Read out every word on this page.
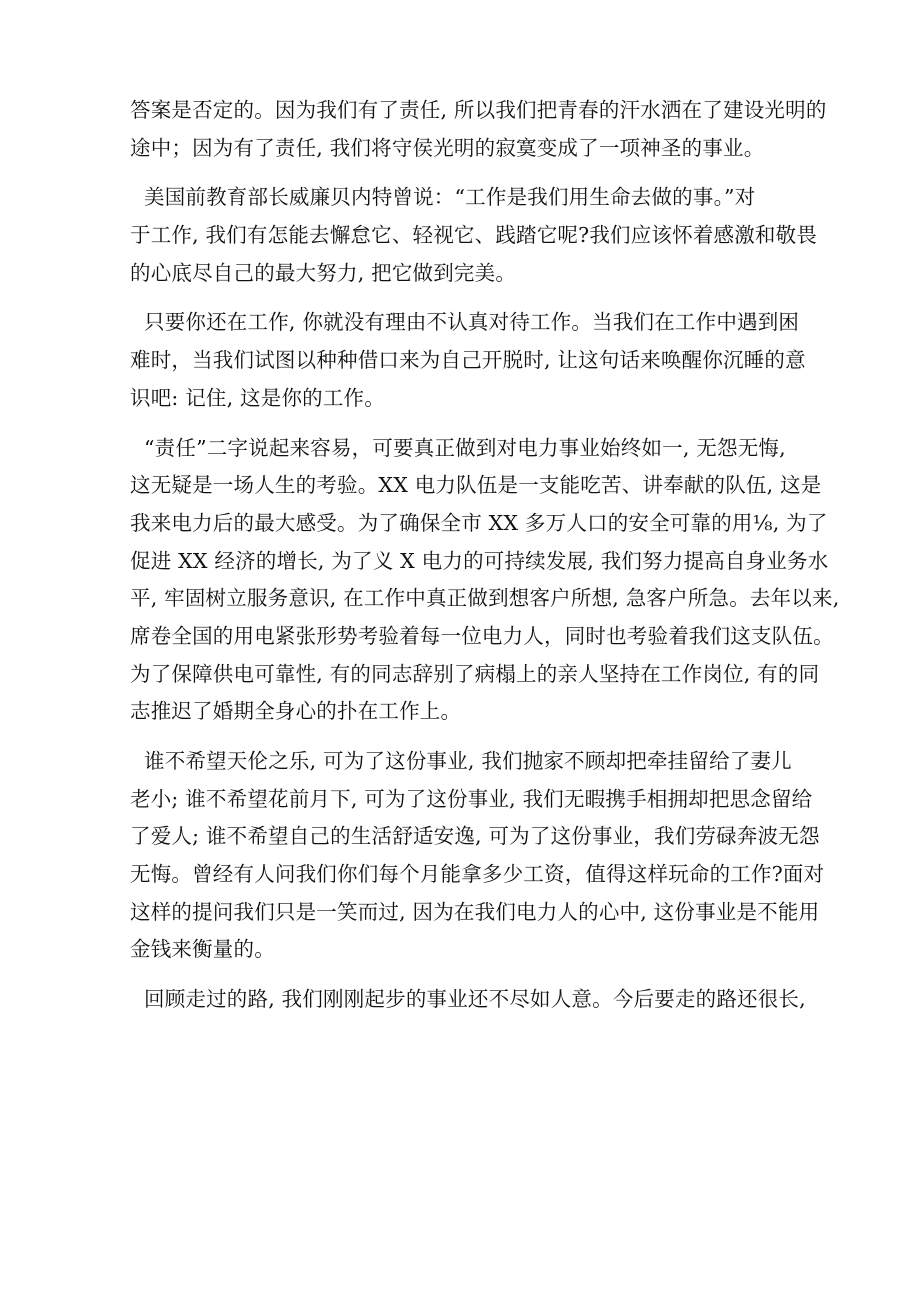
答案是否定的。因为我们有了责任, 所以我们把青春的汗水洒在了建设光明的
途中；因为有了责任, 我们将守侯光明的寂寞变成了一项神圣的事业。
美国前教育部长威廉贝内特曾说：“工作是我们用生命去做的事。”对
于工作, 我们有怎能去懈怠它、轻视它、践踏它呢?我们应该怀着感激和敬畏
的心底尽自己的最大努力, 把它做到完美。
只要你还在工作, 你就没有理由不认真对待工作。当我们在工作中遇到困
难时，当我们试图以种种借口来为自己开脱时, 让这句话来唤醒你沉睡的意
识吧: 记住, 这是你的工作。
“责任”二字说起来容易，可要真正做到对电力事业始终如一, 无怨无悔,
这无疑是一场人生的考验。XX 电力队伍是一支能吃苦、讲奉献的队伍, 这是
我来电力后的最大感受。为了确保全市 XX 多万人口的安全可靠的用⅛, 为了
促进 XX 经济的增长, 为了义 X 电力的可持续发展, 我们努力提高自身业务水
平, 牢固树立服务意识, 在工作中真正做到想客户所想, 急客户所急。去年以来,
席卷全国的用电紧张形势考验着每一位电力人，同时也考验着我们这支队伍。
为了保障供电可靠性, 有的同志辞别了病榻上的亲人坚持在工作岗位, 有的同
志推迟了婚期全身心的扑在工作上。
谁不希望天伦之乐, 可为了这份事业, 我们抛家不顾却把牵挂留给了妻儿
老小; 谁不希望花前月下, 可为了这份事业, 我们无暇携手相拥却把思念留给
了爱人; 谁不希望自己的生活舒适安逸, 可为了这份事业，我们劳碌奔波无怨
无悔。曾经有人问我们你们每个月能拿多少工资，值得这样玩命的工作?面对
这样的提问我们只是一笑而过, 因为在我们电力人的心中, 这份事业是不能用
金钱来衡量的。
回顾走过的路, 我们刚刚起步的事业还不尽如人意。今后要走的路还很长,
